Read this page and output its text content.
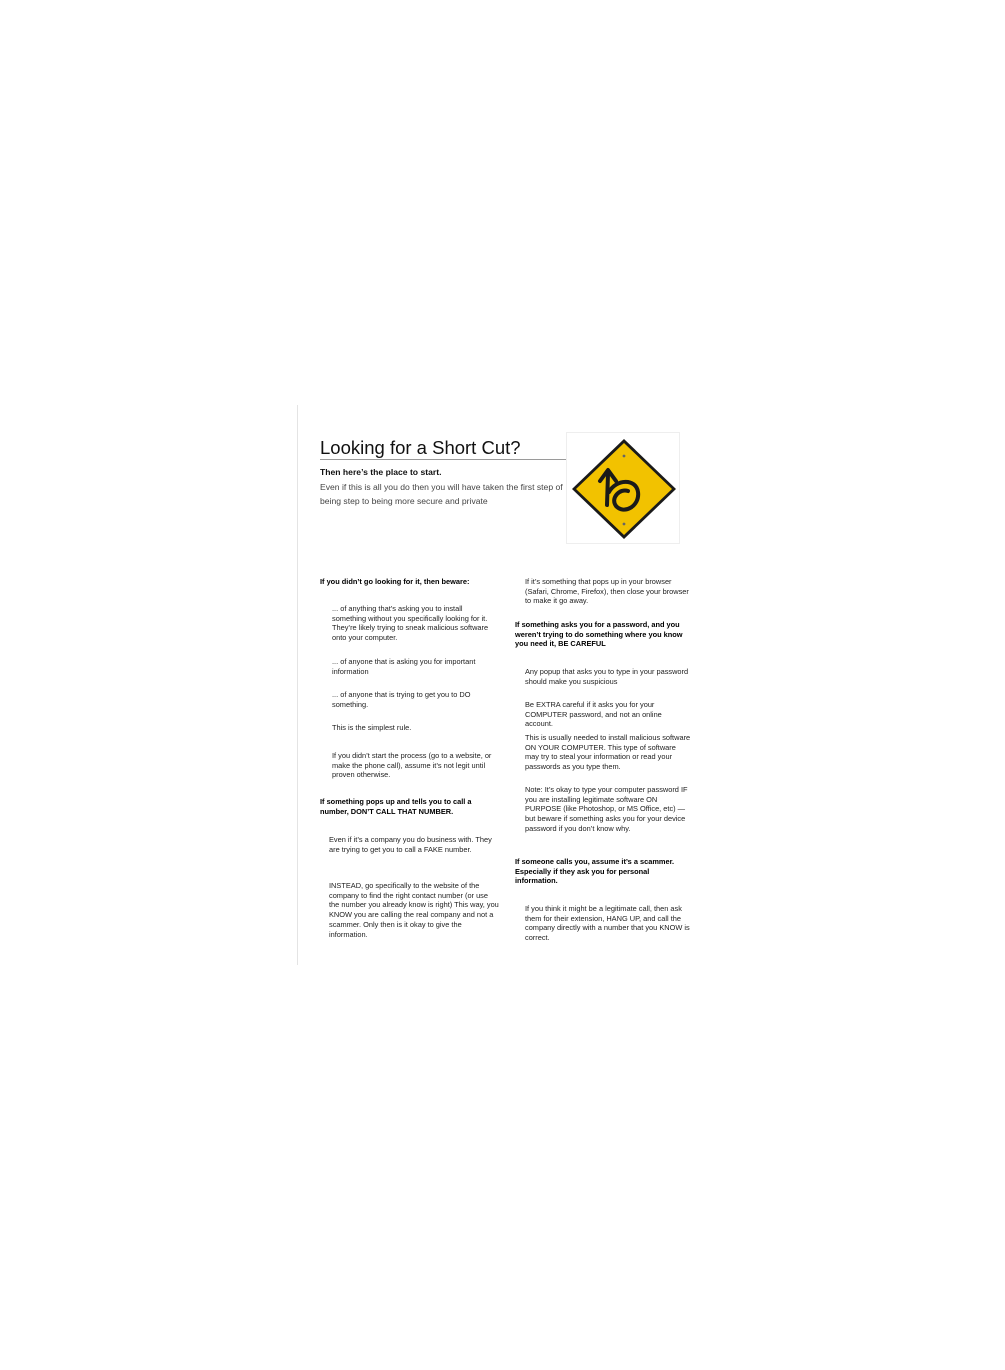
Looking for a Short Cut?

Then here’s the place to start.

Even if this is all you do then you will have taken the first step of being step to being more secure and private

If you didn’t go looking for it, then beware:

... of anything that’s asking you to install something without you specifically looking for it. They’re likely trying to sneak malicious software onto your computer.

... of anyone that is asking you for important information

... of anyone that is trying to get you to DO something.

This is the simplest rule.

If you didn’t start the process (go to a website, or make the phone call), assume it’s not legit until proven otherwise.

If something pops up and tells you to call a number, DON’T CALL THAT NUMBER.

Even if it’s a company you do business with. They are trying to get you to call a FAKE number.

INSTEAD, go specifically to the website of the company to find the right contact number (or use the number you already know is right) This way, you KNOW you are calling the real company and not a scammer. Only then is it okay to give the information.

If it’s something that pops up in your browser (Safari, Chrome, Firefox), then close your browser to make it go away.

If something asks you for a password, and you weren’t trying to do something where you know you need it, BE CAREFUL

Any popup that asks you to type in your password should make you suspicious

Be EXTRA careful if it asks you for your COMPUTER password, and not an online account.

This is usually needed to install malicious software ON YOUR COMPUTER. This type of software may try to steal your information or read your passwords as you type them.

Note: It’s okay to type your computer password IF you are installing legitimate software ON PURPOSE (like Photoshop, or MS Office, etc) — but beware if something asks you for your device password if you don’t know why.

If someone calls you, assume it’s a scammer. Especially if they ask you for personal information.

If you think it might be a legitimate call, then ask them for their extension, HANG UP, and call the company directly with a number that you KNOW is correct.
